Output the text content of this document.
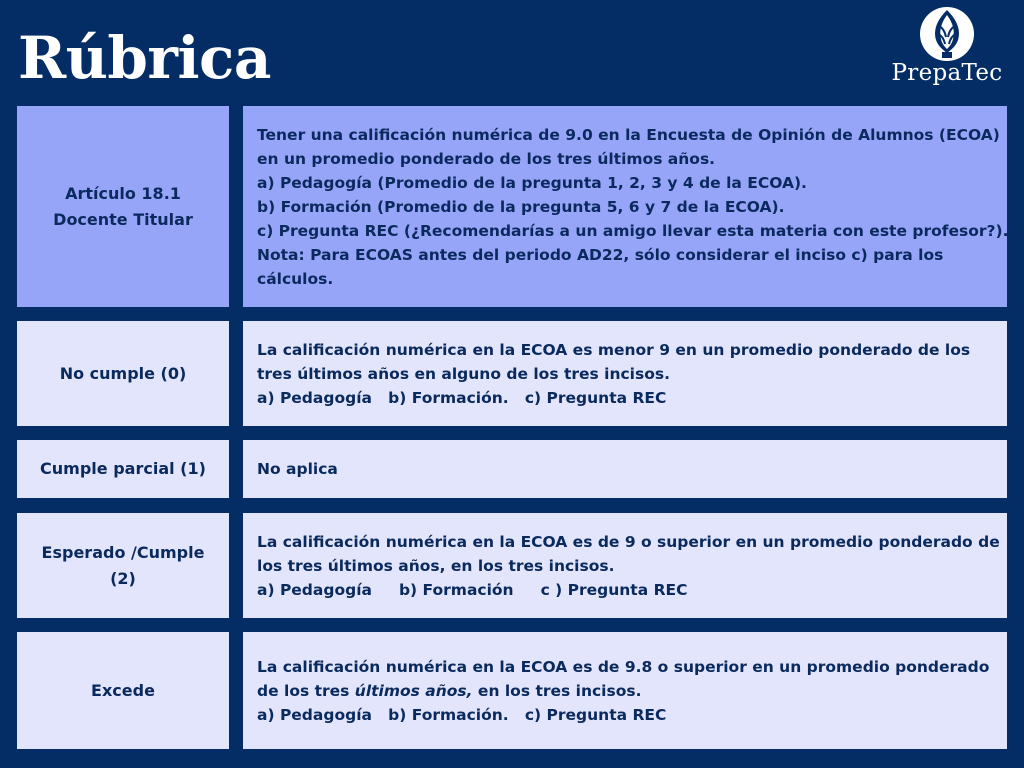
Rúbrica	PrepaTec
Artículo 18.1
Docente Titular
Tener una calificación numérica de 9.0 en la Encuesta de Opinión de Alumnos (ECOA)
en un promedio ponderado de los tres últimos años.
a) Pedagogía (Promedio de la pregunta 1, 2, 3 y 4 de la ECOA).
b) Formación (Promedio de la pregunta 5, 6 y 7 de la ECOA).
c) Pregunta REC (¿Recomendarías a un amigo llevar esta materia con este profesor?).
Nota: Para ECOAS antes del periodo AD22, sólo considerar el inciso c) para los
cálculos.
No cumple (0)
La calificación numérica en la ECOA es menor 9 en un promedio ponderado de los
tres últimos años en alguno de los tres incisos.
a) Pedagogía   b) Formación.   c) Pregunta REC
Cumple parcial (1)	No aplica
Esperado /Cumple
(2)
La calificación numérica en la ECOA es de 9 o superior en un promedio ponderado de
los tres últimos años, en los tres incisos.
a) Pedagogía     b) Formación     c ) Pregunta REC
Excede
La calificación numérica en la ECOA es de 9.8 o superior en un promedio ponderado
de los tres últimos años, en los tres incisos.
a) Pedagogía   b) Formación.   c) Pregunta REC
